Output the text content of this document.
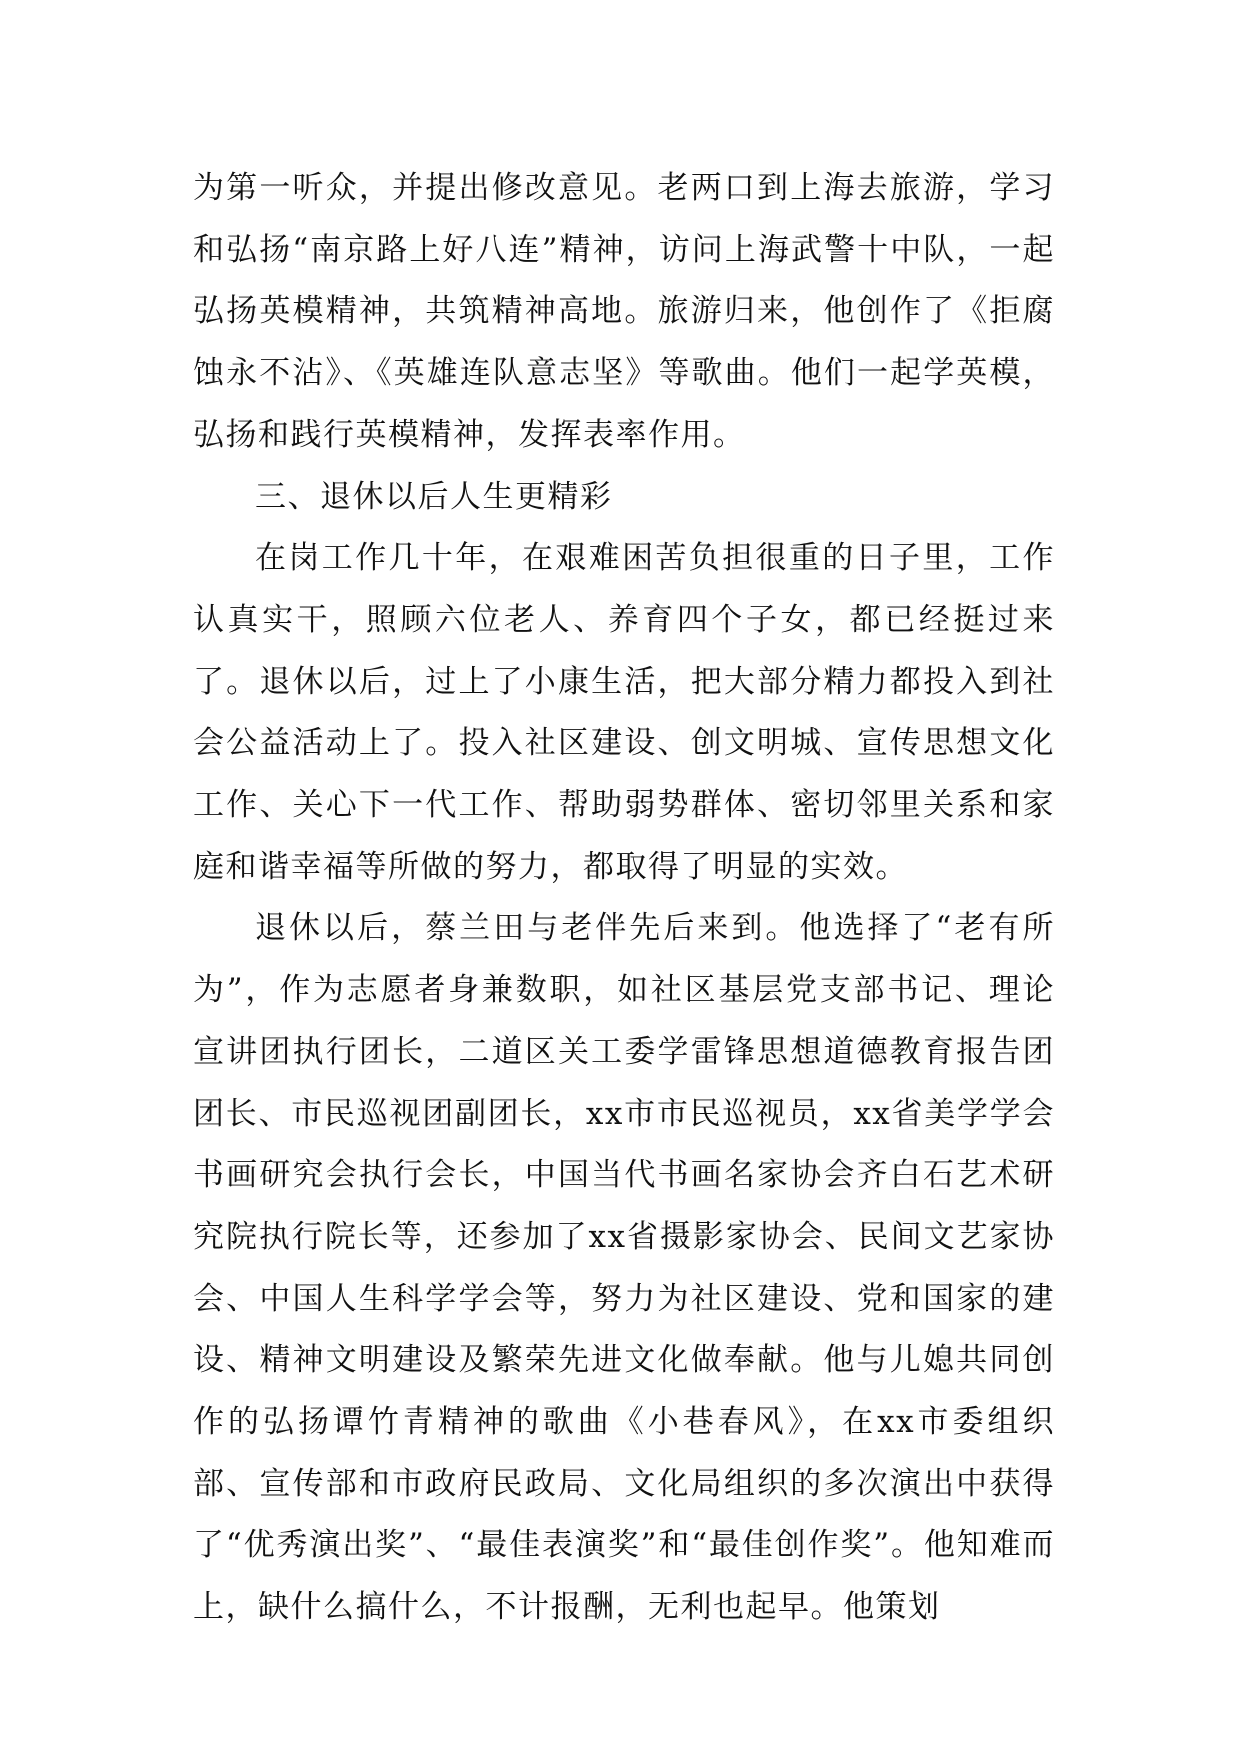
为第一听众，并提出修改意见。老两口到上海去旅游，学习和弘扬“南京路上好八连”精神，访问上海武警十中队，一起弘扬英模精神，共筑精神高地。旅游归来，他创作了《拒腐蚀永不沾》、《英雄连队意志坚》等歌曲。他们一起学英模，弘扬和践行英模精神，发挥表率作用。

三、退休以后人生更精彩

在岗工作几十年，在艰难困苦负担很重的日子里，工作认真实干，照顾六位老人、养育四个子女，都已经挺过来了。退休以后，过上了小康生活，把大部分精力都投入到社会公益活动上了。投入社区建设、创文明城、宣传思想文化工作、关心下一代工作、帮助弱势群体、密切邻里关系和家庭和谐幸福等所做的努力，都取得了明显的实效。

退休以后，蔡兰田与老伴先后来到。他选择了“老有所为”，作为志愿者身兼数职，如社区基层党支部书记、理论宣讲团执行团长，二道区关工委学雷锋思想道德教育报告团团长、市民巡视团副团长，xx市市民巡视员，xx省美学学会书画研究会执行会长，中国当代书画名家协会齐白石艺术研究院执行院长等，还参加了xx省摄影家协会、民间文艺家协会、中国人生科学学会等，努力为社区建设、党和国家的建设、精神文明建设及繁荣先进文化做奉献。他与儿媳共同创作的弘扬谭竹青精神的歌曲《小巷春风》，在xx市委组织部、宣传部和市政府民政局、文化局组织的多次演出中获得了“优秀演出奖”、“最佳表演奖”和“最佳创作奖”。他知难而上，缺什么搞什么，不计报酬，无利也起早。他策划
